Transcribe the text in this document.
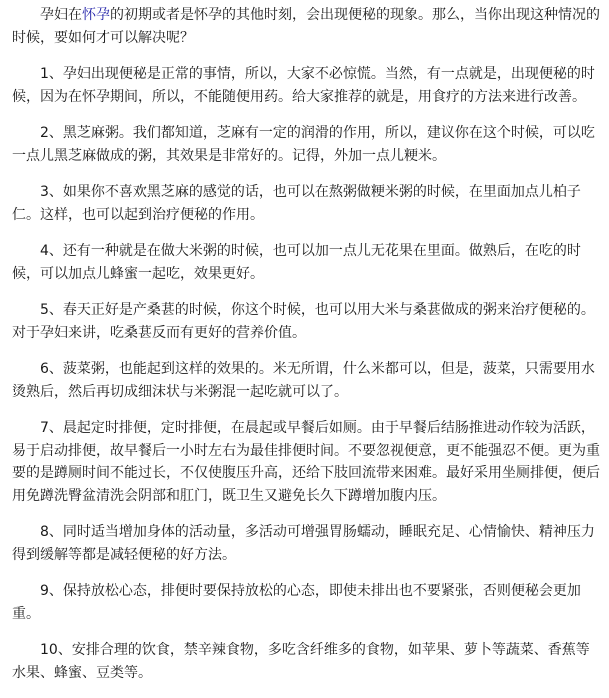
孕妇在怀孕的初期或者是怀孕的其他时刻，会出现便秘的现象。那么，当你出现这种情况的时候，要如何才可以解决呢？

1、孕妇出现便秘是正常的事情，所以，大家不必惊慌。当然，有一点就是，出现便秘的时候，因为在怀孕期间，所以，不能随便用药。给大家推荐的就是，用食疗的方法来进行改善。

2、黑芝麻粥。我们都知道，芝麻有一定的润滑的作用，所以，建议你在这个时候，可以吃一点儿黑芝麻做成的粥，其效果是非常好的。记得，外加一点儿粳米。

3、如果你不喜欢黑芝麻的感觉的话，也可以在熬粥做粳米粥的时候，在里面加点儿柏子仁。这样，也可以起到治疗便秘的作用。

4、还有一种就是在做大米粥的时候，也可以加一点儿无花果在里面。做熟后，在吃的时候，可以加点儿蜂蜜一起吃，效果更好。

5、春天正好是产桑葚的时候，你这个时候，也可以用大米与桑葚做成的粥来治疗便秘的。对于孕妇来讲，吃桑葚反而有更好的营养价值。

6、菠菜粥，也能起到这样的效果的。米无所谓，什么米都可以，但是，菠菜，只需要用水烫熟后，然后再切成细沫状与米粥混一起吃就可以了。

7、晨起定时排便，定时排便，在晨起或早餐后如厕。由于早餐后结肠推进动作较为活跃，易于启动排便，故早餐后一小时左右为最佳排便时间。不要忽视便意，更不能强忍不便。更为重要的是蹲厕时间不能过长，不仅使腹压升高，还给下肢回流带来困难。最好采用坐厕排便，便后用免蹲洗臀盆清洗会阴部和肛门，既卫生又避免长久下蹲增加腹内压。

8、同时适当增加身体的活动量，多活动可增强胃肠蠕动，睡眠充足、心情愉快、精神压力得到缓解等都是减轻便秘的好方法。

9、保持放松心态，排便时要保持放松的心态，即使未排出也不要紧张，否则便秘会更加重。

10、安排合理的饮食，禁辛辣食物，多吃含纤维多的食物，如苹果、萝卜等蔬菜、香蕉等水果、蜂蜜、豆类等。
